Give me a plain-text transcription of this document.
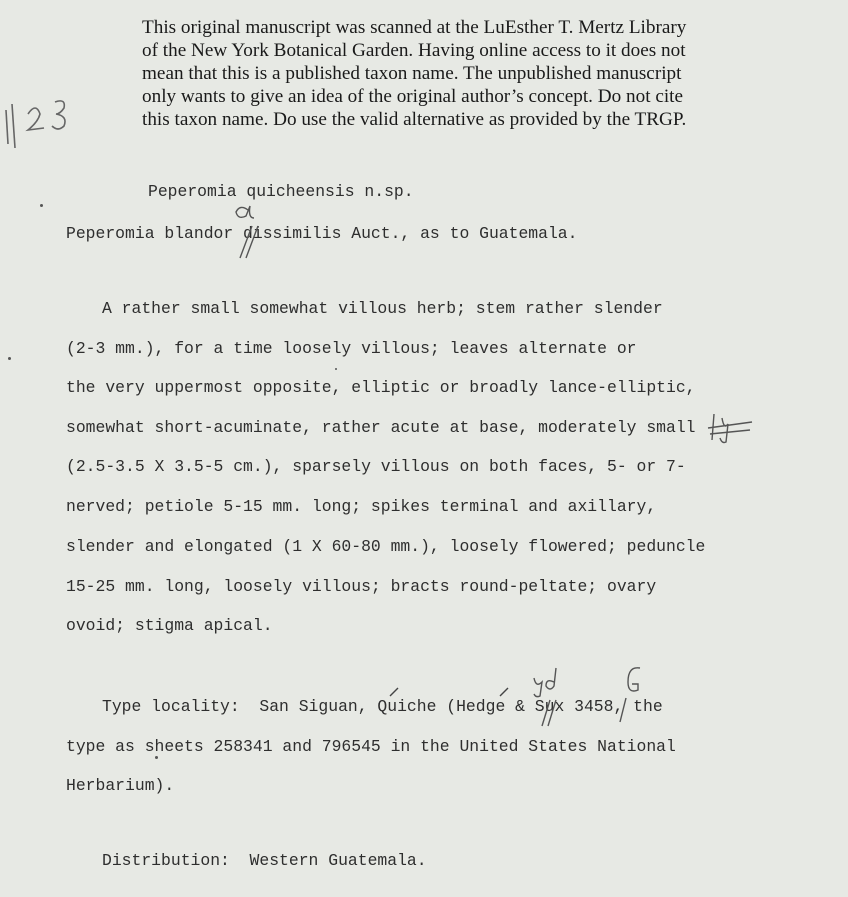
This original manuscript was scanned at the LuEsther T. Mertz Library
of the New York Botanical Garden. Having online access to it does not
mean that this is a published taxon name. The unpublished manuscript
only wants to give an idea of the original author’s concept. Do not cite
this taxon name. Do use the valid alternative as provided by the TRGP.

Peperomia quicheensis n.sp.

Peperomia blandor dissimilis Auct., as to Guatemala.

A rather small somewhat villous herb; stem rather slender

(2-3 mm.), for a time loosely villous; leaves alternate or

the very uppermost opposite, elliptic or broadly lance-elliptic,

somewhat short-acuminate, rather acute at base, moderately small

(2.5-3.5 X 3.5-5 cm.), sparsely villous on both faces, 5- or 7-

nerved; petiole 5-15 mm. long; spikes terminal and axillary,

slender and elongated (1 X 60-80 mm.), loosely flowered; peduncle

15-25 mm. long, loosely villous; bracts round-peltate; ovary

ovoid; stigma apical.

Type locality:  San Siguan, Quiche (Hedge & Sux 3458, the

type as sheets 258341 and 796545 in the United States National

Herbarium).

Distribution:  Western Guatemala.
